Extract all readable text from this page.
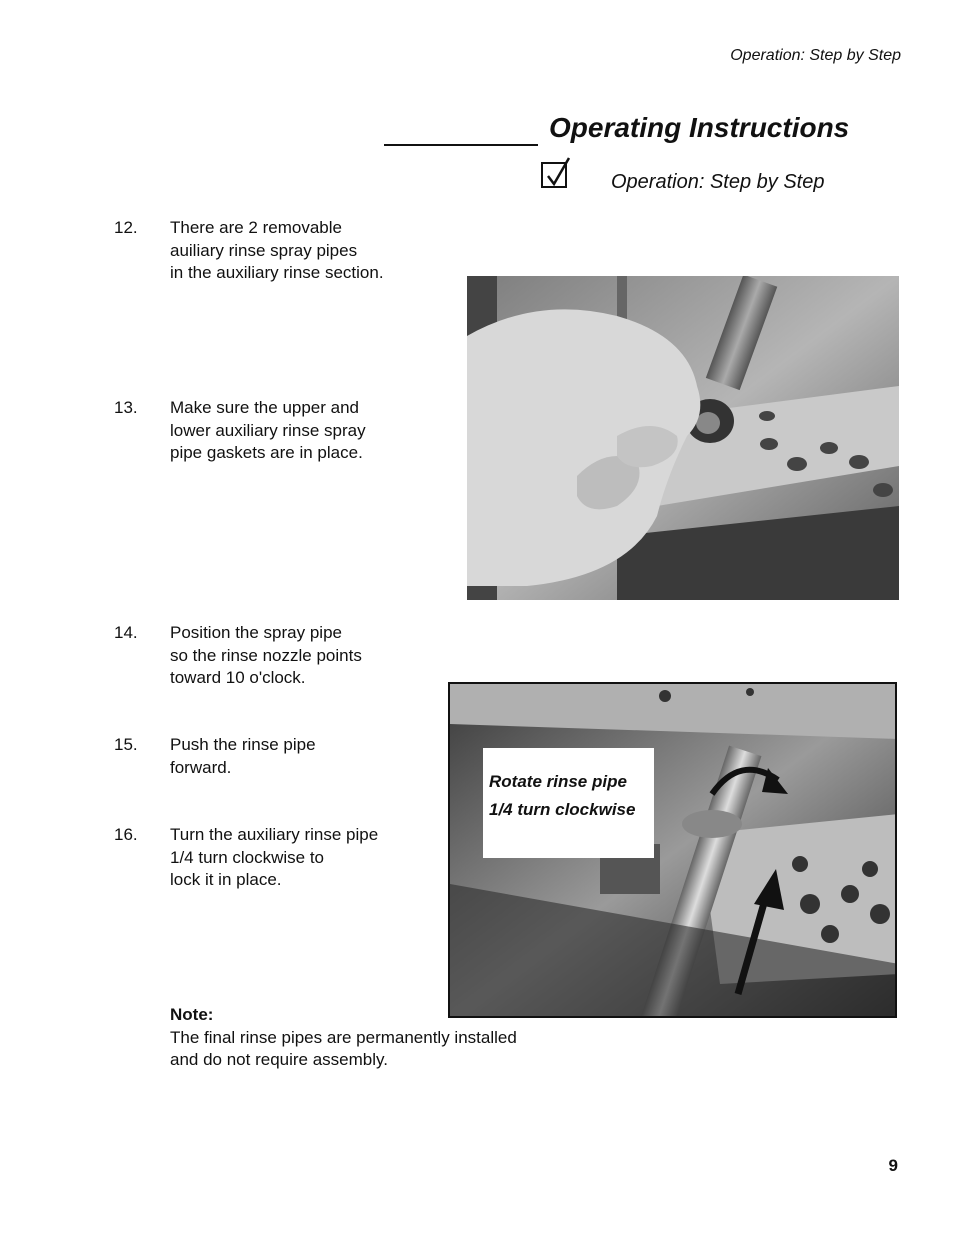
Operation: Step by Step
Operating Instructions
Operation: Step by Step
12. There are 2 removable
auiliary rinse spray pipes
in the auxiliary rinse section.
13. Make sure the upper and
lower auxiliary rinse spray
pipe gaskets are in place.
14. Position the spray pipe
so the rinse nozzle points
toward 10 o'clock.
15. Push the rinse pipe
forward.
16. Turn the auxiliary rinse pipe
1/4 turn clockwise to
lock it in place.
Rotate rinse pipe
1/4 turn clockwise
Note:
The final rinse pipes are permanently installed
and do not require assembly.
9
